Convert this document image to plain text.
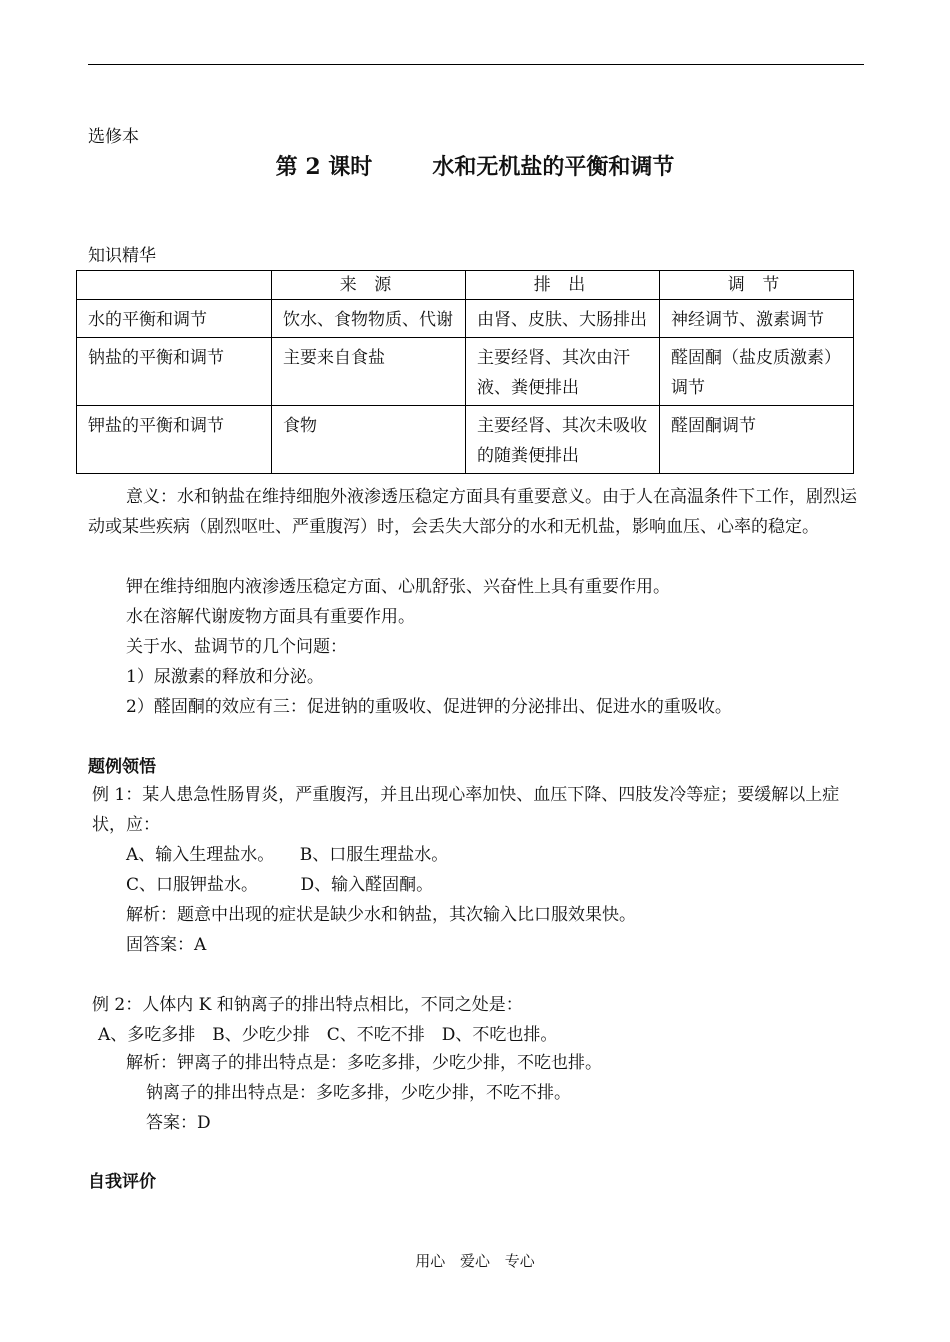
选修本
第 2 课时	水和无机盐的平衡和调节
知识精华
	来 源	排 出	调 节
水的平衡和调节	饮水、食物物质、代谢	由肾、皮肤、大肠排出	神经调节、激素调节
钠盐的平衡和调节	主要来自食盐	主要经肾、其次由汗液、粪便排出	醛固酮（盐皮质激素）调节
钾盐的平衡和调节	食物	主要经肾、其次未吸收的随粪便排出	醛固酮调节
意义：水和钠盐在维持细胞外液渗透压稳定方面具有重要意义。由于人在高温条件下工作，剧烈运动或某些疾病（剧烈呕吐、严重腹泻）时，会丢失大部分的水和无机盐，影响血压、心率的稳定。
钾在维持细胞内液渗透压稳定方面、心肌舒张、兴奋性上具有重要作用。
水在溶解代谢废物方面具有重要作用。
关于水、盐调节的几个问题：
1）尿激素的释放和分泌。
2）醛固酮的效应有三：促进钠的重吸收、促进钾的分泌排出、促进水的重吸收。
题例领悟
例 1：某人患急性肠胃炎，严重腹泻，并且出现心率加快、血压下降、四肢发冷等症；要缓解以上症状，应：
A、输入生理盐水。　　B、口服生理盐水。
C、口服钾盐水。　　　D、输入醛固酮。
解析：题意中出现的症状是缺少水和钠盐，其次输入比口服效果快。
固答案：A
例 2：人体内 K 和钠离子的排出特点相比，不同之处是：
A、多吃多排　B、少吃少排　C、不吃不排　D、不吃也排。
解析：钾离子的排出特点是：多吃多排，少吃少排，不吃也排。
钠离子的排出特点是：多吃多排，少吃少排，不吃不排。
答案：D
自我评价
用心 爱心 专心
